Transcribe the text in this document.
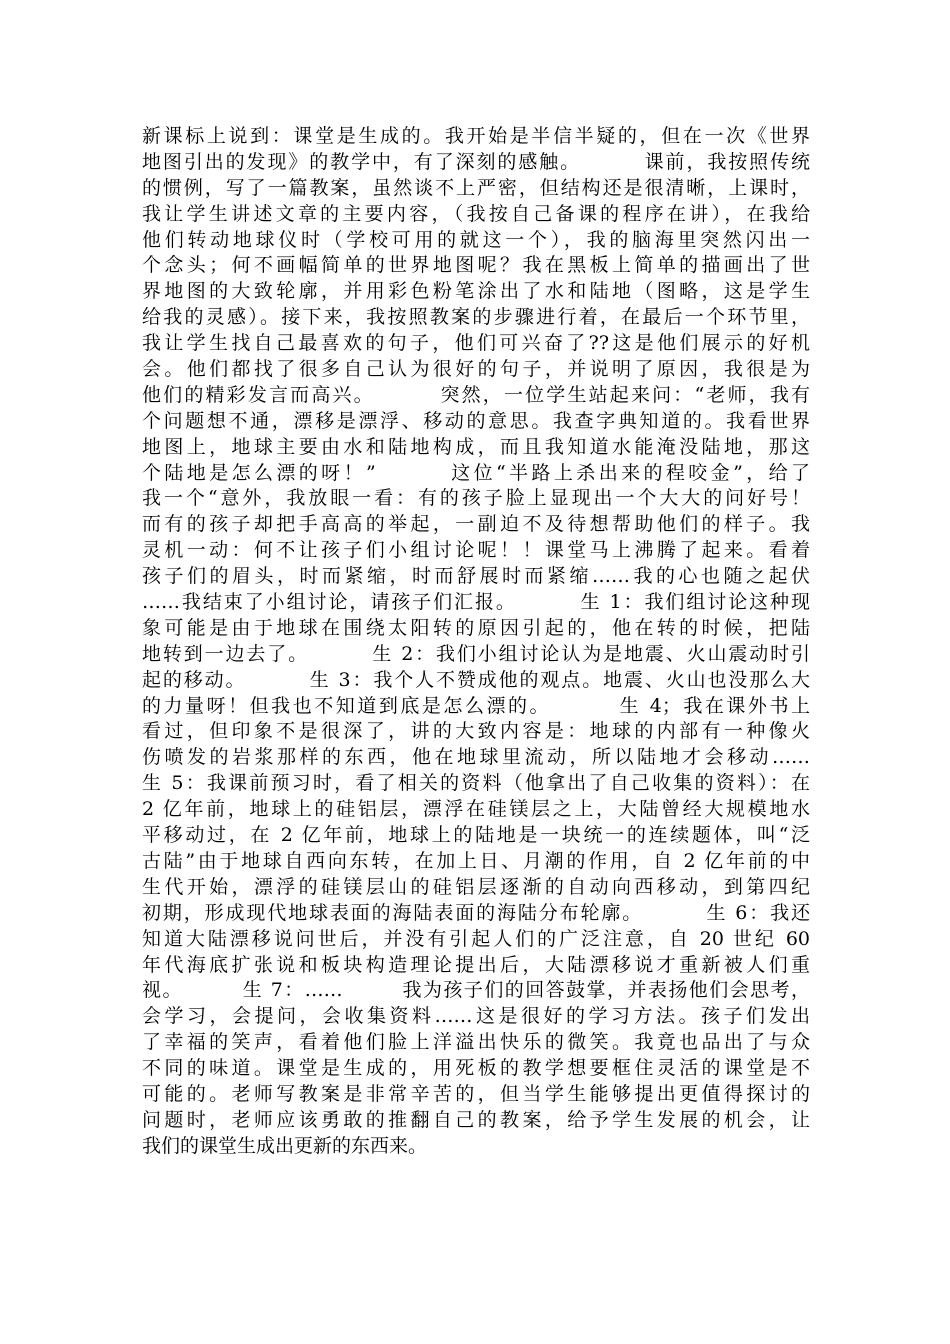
新课标上说到：课堂是生成的。我开始是半信半疑的，但在一次《世界
地图引出的发现》的教学中，有了深刻的感触。        课前，我按照传统
的惯例，写了一篇教案，虽然谈不上严密，但结构还是很清晰，上课时，
我让学生讲述文章的主要内容，（我按自己备课的程序在讲），在我给
他们转动地球仪时（学校可用的就这一个），我的脑海里突然闪出一
个念头；何不画幅简单的世界地图呢？我在黑板上简单的描画出了世
界地图的大致轮廓，并用彩色粉笔涂出了水和陆地（图略，这是学生
给我的灵感）。接下来，我按照教案的步骤进行着，在最后一个环节里，
我让学生找自己最喜欢的句子，他们可兴奋了??这是他们展示的好机
会。他们都找了很多自己认为很好的句子，并说明了原因，我很是为
他们的精彩发言而高兴。        突然，一位学生站起来问：“老师，我有
个问题想不通，漂移是漂浮、移动的意思。我查字典知道的。我看世界
地图上，地球主要由水和陆地构成，而且我知道水能淹没陆地，那这
个陆地是怎么漂的呀！”        这位“半路上杀出来的程咬金”，给了
我一个“意外，我放眼一看：有的孩子脸上显现出一个大大的问好号！
而有的孩子却把手高高的举起，一副迫不及待想帮助他们的样子。我
灵机一动：何不让孩子们小组讨论呢！！课堂马上沸腾了起来。看着
孩子们的眉头，时而紧缩，时而舒展时而紧缩……我的心也随之起伏
……我结束了小组讨论，请孩子们汇报。        生 1：我们组讨论这种现
象可能是由于地球在围绕太阳转的原因引起的，他在转的时候，把陆
地转到一边去了。        生 2：我们小组讨论认为是地震、火山震动时引
起的移动。        生 3：我个人不赞成他的观点。地震、火山也没那么大
的力量呀！但我也不知道到底是怎么漂的。        生 4；我在课外书上
看过，但印象不是很深了，讲的大致内容是：地球的内部有一种像火
伤喷发的岩浆那样的东西，他在地球里流动，所以陆地才会移动……
生 5：我课前预习时，看了相关的资料（他拿出了自己收集的资料）：在
2 亿年前，地球上的硅铝层，漂浮在硅镁层之上，大陆曾经大规模地水
平移动过，在 2 亿年前，地球上的陆地是一块统一的连续题体，叫“泛
古陆”由于地球自西向东转，在加上日、月潮的作用，自 2 亿年前的中
生代开始，漂浮的硅镁层山的硅铝层逐渐的自动向西移动，到第四纪
初期，形成现代地球表面的海陆表面的海陆分布轮廓。        生 6：我还
知道大陆漂移说问世后，并没有引起人们的广泛注意，自 20 世纪 60
年代海底扩张说和板块构造理论提出后，大陆漂移说才重新被人们重
视。        生 7：……        我为孩子们的回答鼓掌，并表扬他们会思考，
会学习，会提问，会收集资料……这是很好的学习方法。孩子们发出
了幸福的笑声，看着他们脸上洋溢出快乐的微笑。我竟也品出了与众
不同的味道。课堂是生成的，用死板的教学想要框住灵活的课堂是不
可能的。老师写教案是非常辛苦的，但当学生能够提出更值得探讨的
问题时，老师应该勇敢的推翻自己的教案，给予学生发展的机会，让
我们的课堂生成出更新的东西来。
